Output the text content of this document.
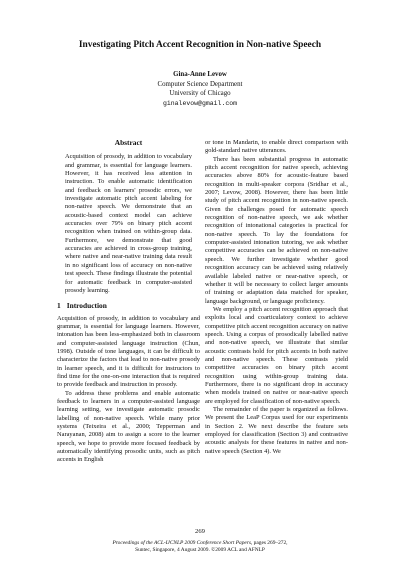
Investigating Pitch Accent Recognition in Non-native Speech
Gina-Anne Levow
Computer Science Department
University of Chicago
ginalevow@gmail.com
Abstract

Acquisition of prosody, in addition to vocabulary and grammar, is essential for language learners. However, it has received less attention in instruction. To enable automatic identification and feedback on learners' prosodic errors, we investigate automatic pitch accent labeling for non-native speech. We demonstrate that an acoustic-based context model can achieve accuracies over 79% on binary pitch accent recognition when trained on within-group data. Furthermore, we demonstrate that good accuracies are achieved in cross-group training, where native and near-native training data result in no significant loss of accuracy on non-native test speech. These findings illustrate the potential for automatic feedback in computer-assisted prosody learning.

1 Introduction

Acquisition of prosody, in addition to vocabulary and grammar, is essential for language learners. However, intonation has been less-emphasized both in classroom and computer-assisted language instruction (Chun, 1998). Outside of tone languages, it can be difficult to characterize the factors that lead to non-native prosody in learner speech, and it is difficult for instructors to find time for the one-on-one interaction that is required to provide feedback and instruction in prosody.

To address these problems and enable automatic feedback to learners in a computer-assisted language learning setting, we investigate automatic prosodic labelling of non-native speech. While many prior systems (Teixeira et al., 2000; Tepperman and Narayanan, 2008) aim to assign a score to the learner speech, we hope to provide more focused feedback by automatically identifying prosodic units, such as pitch accents in English

or tone in Mandarin, to enable direct comparison with gold-standard native utterances.

There has been substantial progress in automatic pitch accent recognition for native speech, achieving accuracies above 80% for acoustic-feature based recognition in multi-speaker corpora (Sridhar et al., 2007; Levow, 2008). However, there has been little study of pitch accent recognition in non-native speech. Given the challenges posed for automatic speech recognition of non-native speech, we ask whether recognition of intonational categories is practical for non-native speech. To lay the foundations for computer-assisted intonation tutoring, we ask whether competitive accuracies can be achieved on non-native speech. We further investigate whether good recognition accuracy can be achieved using relatively available labeled native or near-native speech, or whether it will be necessary to collect larger amounts of training or adaptation data matched for speaker, language background, or language proficiency.

We employ a pitch accent recognition approach that exploits local and coarticulatory context to achieve competitive pitch accent recognition accuracy on native speech. Using a corpus of prosodically labelled native and non-native speech, we illustrate that similar acoustic contrasts hold for pitch accents in both native and non-native speech. These contrasts yield competitive accuracies on binary pitch accent recognition using within-group training data. Furthermore, there is no significant drop in accuracy when models trained on native or near-native speech are employed for classification of non-native speech.

The remainder of the paper is organized as follows. We present the LeaP Corpus used for our experiments in Section 2. We next describe the feature sets employed for classification (Section 3) and contrastive acoustic analysis for these features in native and non-native speech (Section 4). We

269
Proceedings of the ACL-IJCNLP 2009 Conference Short Papers, pages 269–272,
Suntec, Singapore, 4 August 2009. ©2009 ACL and AFNLP
